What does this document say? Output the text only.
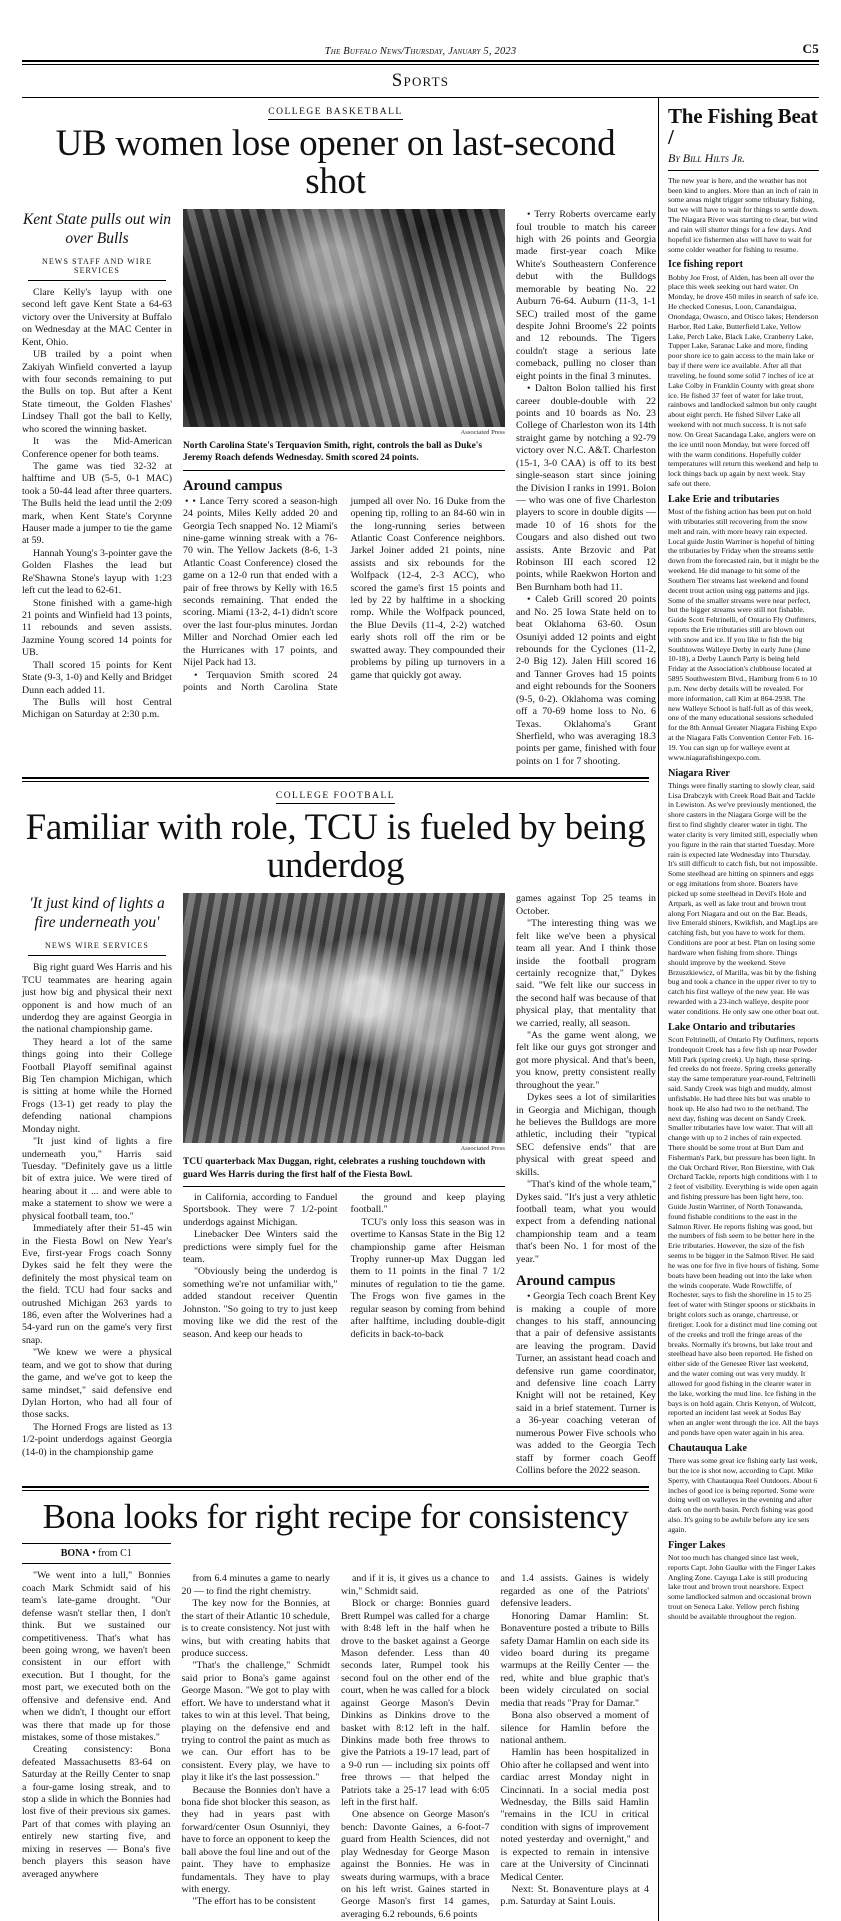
The Buffalo News/Thursday, January 5, 2023	C5
Sports
COLLEGE BASKETBALL
UB women lose opener on last-second shot
Kent State pulls out win over Bulls
NEWS STAFF AND WIRE SERVICES

Clare Kelly's layup with one second left gave Kent State a 64-63 victory over the University at Buffalo on Wednesday at the MAC Center in Kent, Ohio.

UB trailed by a point when Zakiyah Winfield converted a layup with four seconds remaining to put the Bulls on top. But after a Kent State timeout, the Golden Flashes' Lindsey Thall got the ball to Kelly, who scored the winning basket.

It was the Mid-American Conference opener for both teams.

The game was tied 32-32 at halftime and UB (5-5, 0-1 MAC) took a 50-44 lead after three quarters. The Bulls held the lead until the 2:09 mark, when Kent State's Corynne Hauser made a jumper to tie the game at 59.

Hannah Young's 3-pointer gave the Golden Flashes the lead but Re'Shawna Stone's layup with 1:23 left cut the lead to 62-61.

Stone finished with a game-high 21 points and Winfield had 13 points, 11 rebounds and seven assists. Jazmine Young scored 14 points for UB.

Thall scored 15 points for Kent State (9-3, 1-0) and Kelly and Bridget Dunn each added 11.

The Bulls will host Central Michigan on Saturday at 2:30 p.m.

Associated Press
North Carolina State's Terquavion Smith, right, controls the ball as Duke's Jeremy Roach defends Wednesday. Smith scored 24 points.
Around campus

• • Lance Terry scored a season-high 24 points, Miles Kelly added 20 and Georgia Tech snapped No. 12 Miami's nine-game winning streak with a 76-70 win. The Yellow Jackets (8-6, 1-3 Atlantic Coast Conference) closed the game on a 12-0 run that ended with a pair of free throws by Kelly with 16.5 seconds remaining. That ended the scoring. Miami (13-2, 4-1) didn't score over the last four-plus minutes. Jordan Miller and Norchad Omier each led the Hurricanes with 17 points, and Nijel Pack had 13.

• Terquavion Smith scored 24 points and North Carolina State jumped all over No. 16 Duke from the opening tip, rolling to an 84-60 win in the long-running series between Atlantic Coast Conference neighbors. Jarkel Joiner added 21 points, nine assists and six rebounds for the Wolfpack (12-4, 2-3 ACC), who scored the game's first 15 points and led by 22 by halftime in a shocking romp. While the Wolfpack pounced, the Blue Devils (11-4, 2-2) watched early shots roll off the rim or be swatted away. They compounded their problems by piling up turnovers in a game that quickly got away.

• Terry Roberts overcame early foul trouble to match his career high with 26 points and Georgia made first-year coach Mike White's Southeastern Conference debut with the Bulldogs memorable by beating No. 22 Auburn 76-64. Auburn (11-3, 1-1 SEC) trailed most of the game despite Johni Broome's 22 points and 12 rebounds. The Tigers couldn't stage a serious late comeback, pulling no closer than eight points in the final 3 minutes.

• Dalton Bolon tallied his first career double-double with 22 points and 10 boards as No. 23 College of Charleston won its 14th straight game by notching a 92-79 victory over N.C. A&T. Charleston (15-1, 3-0 CAA) is off to its best single-season start since joining the Division I ranks in 1991. Bolon — who was one of five Charleston players to score in double digits — made 10 of 16 shots for the Cougars and also dished out two assists. Ante Brzovic and Pat Robinson III each scored 12 points, while Raekwon Horton and Ben Burnham both had 11.

• Caleb Grill scored 20 points and No. 25 Iowa State held on to beat Oklahoma 63-60. Osun Osuniyi added 12 points and eight rebounds for the Cyclones (11-2, 2-0 Big 12). Jalen Hill scored 16 and Tanner Groves had 15 points and eight rebounds for the Sooners (9-5, 0-2). Oklahoma was coming off a 70-69 home loss to No. 6 Texas. Oklahoma's Grant Sherfield, who was averaging 18.3 points per game, finished with four points on 1 for 7 shooting.

COLLEGE FOOTBALL
Familiar with role, TCU is fueled by being underdog
'It just kind of lights a fire underneath you'
NEWS WIRE SERVICES

Big right guard Wes Harris and his TCU teammates are hearing again just how big and physical their next opponent is and how much of an underdog they are against Georgia in the national championship game.

They heard a lot of the same things going into their College Football Playoff semifinal against Big Ten champion Michigan, which is sitting at home while the Horned Frogs (13-1) get ready to play the defending national champions Monday night.

"It just kind of lights a fire underneath you," Harris said Tuesday. "Definitely gave us a little bit of extra juice. We were tired of hearing about it ... and were able to make a statement to show we were a physical football team, too."

Immediately after their 51-45 win in the Fiesta Bowl on New Year's Eve, first-year Frogs coach Sonny Dykes said he felt they were the definitely the most physical team on the field. TCU had four sacks and outrushed Michigan 263 yards to 186, even after the Wolverines had a 54-yard run on the game's very first snap.

"We knew we were a physical team, and we got to show that during the game, and we've got to keep the same mindset," said defensive end Dylan Horton, who had all four of those sacks.

The Horned Frogs are listed as 13 1/2-point underdogs against Georgia (14-0) in the championship game

Associated Press
TCU quarterback Max Duggan, right, celebrates a rushing touchdown with guard Wes Harris during the first half of the Fiesta Bowl.

in California, according to Fanduel Sportsbook. They were 7 1/2-point underdogs against Michigan.

Linebacker Dee Winters said the predictions were simply fuel for the team.

"Obviously being the underdog is something we're not unfamiliar with," added standout receiver Quentin Johnston. "So going to try to just keep moving like we did the rest of the season. And keep our heads to

the ground and keep playing football."

TCU's only loss this season was in overtime to Kansas State in the Big 12 championship game after Heisman Trophy runner-up Max Duggan led them to 11 points in the final 7 1/2 minutes of regulation to tie the game. The Frogs won five games in the regular season by coming from behind after halftime, including double-digit deficits in back-to-back

games against Top 25 teams in October.

"The interesting thing was we felt like we've been a physical team all year. And I think those inside the football program certainly recognize that," Dykes said. "We felt like our success in the second half was because of that physical play, that mentality that we carried, really, all season.

"As the game went along, we felt like our guys got stronger and got more physical. And that's been, you know, pretty consistent really throughout the year."

Dykes sees a lot of similarities in Georgia and Michigan, though he believes the Bulldogs are more athletic, including their "typical SEC defensive ends" that are physical with great speed and skills.

"That's kind of the whole team," Dykes said. "It's just a very athletic football team, what you would expect from a defending national championship team and a team that's been No. 1 for most of the year."

Around campus

• Georgia Tech coach Brent Key is making a couple of more changes to his staff, announcing that a pair of defensive assistants are leaving the program. David Turner, an assistant head coach and defensive run game coordinator, and defensive line coach Larry Knight will not be retained, Key said in a brief statement. Turner is a 36-year coaching veteran of numerous Power Five schools who was added to the Georgia Tech staff by former coach Geoff Collins before the 2022 season.

Bona looks for right recipe for consistency
BONA • from C1

"We went into a lull," Bonnies coach Mark Schmidt said of his team's late-game drought. "Our defense wasn't stellar then, I don't think. But we sustained our competitiveness. That's what has been going wrong, we haven't been consistent in our effort with execution. But I thought, for the most part, we executed both on the offensive and defensive end. And when we didn't, I thought our effort was there that made up for those mistakes, some of those mistakes."

Creating consistency: Bona defeated Massachusetts 83-64 on Saturday at the Reilly Center to snap a four-game losing streak, and to stop a slide in which the Bonnies had lost five of their previous six games. Part of that comes with playing an entirely new starting five, and mixing in reserves — Bona's five bench players this season have averaged anywhere

from 6.4 minutes a game to nearly 20 — to find the right chemistry.

The key now for the Bonnies, at the start of their Atlantic 10 schedule, is to create consistency. Not just with wins, but with creating habits that produce success.

"That's the challenge," Schmidt said prior to Bona's game against George Mason. "We got to play with effort. We have to understand what it takes to win at this level. That being, playing on the defensive end and trying to control the paint as much as we can. Our effort has to be consistent. Every play, we have to play it like it's the last possession."

Because the Bonnies don't have a bona fide shot blocker this season, as they had in years past with forward/center Osun Osunniyi, they have to force an opponent to keep the ball above the foul line and out of the paint. They have to emphasize fundamentals. They have to play with energy.

"The effort has to be consistent

and if it is, it gives us a chance to win," Schmidt said.

Block or charge: Bonnies guard Brett Rumpel was called for a charge with 8:48 left in the half when he drove to the basket against a George Mason defender. Less than 40 seconds later, Rumpel took his second foul on the other end of the court, when he was called for a block against George Mason's Devin Dinkins as Dinkins drove to the basket with 8:12 left in the half. Dinkins made both free throws to give the Patriots a 19-17 lead, part of a 9-0 run — including six points off free throws — that helped the Patriots take a 25-17 lead with 6:05 left in the first half.

One absence on George Mason's bench: Davonte Gaines, a 6-foot-7 guard from Health Sciences, did not play Wednesday for George Mason against the Bonnies. He was in sweats during warmups, with a brace on his left wrist. Gaines started in George Mason's first 14 games, averaging 6.2 rebounds, 6.6 points

and 1.4 assists. Gaines is widely regarded as one of the Patriots' defensive leaders.

Honoring Damar Hamlin: St. Bonaventure posted a tribute to Bills safety Damar Hamlin on each side its video board during its pregame warmups at the Reilly Center — the red, white and blue graphic that's been widely circulated on social media that reads "Pray for Damar."

Bona also observed a moment of silence for Hamlin before the national anthem.

Hamlin has been hospitalized in Ohio after he collapsed and went into cardiac arrest Monday night in Cincinnati. In a social media post Wednesday, the Bills said Hamlin "remains in the ICU in critical condition with signs of improvement noted yesterday and overnight," and is expected to remain in intensive care at the University of Cincinnati Medical Center.

Next: St. Bonaventure plays at 4 p.m. Saturday at Saint Louis.

The Fishing Beat /
By Bill Hilts Jr.

The new year is here, and the weather has not been kind to anglers. More than an inch of rain in some areas might trigger some tributary fishing, but we will have to wait for things to settle down. The Niagara River was starting to clear, but wind and rain will shutter things for a few days. And hopeful ice fishermen also will have to wait for some colder weather for fishing to resume.

Ice fishing report

Bobby Joe Frost, of Alden, has been all over the place this week seeking out hard water. On Monday, he drove 450 miles in search of safe ice. He checked Conesus, Loon, Canandaigua, Onondaga, Owasco, and Otisco lakes; Henderson Harbor, Red Lake, Butterfield Lake, Yellow Lake, Perch Lake, Black Lake, Cranberry Lake, Tupper Lake, Saranac Lake and more, finding poor shore ice to gain access to the main lake or bay if there were ice available. After all that traveling, he found some solid 7 inches of ice at Lake Colby in Franklin County with great shore ice. He fished 37 feet of water for lake trout, rainbows and landlocked salmon but only caught about eight perch. He fished Silver Lake all weekend with not much success. It is not safe now. On Great Sacandaga Lake, anglers were on the ice until noon Monday, but were forced off with the warm conditions. Hopefully colder temperatures will return this weekend and help to lock things back up again by next week. Stay safe out there.

Lake Erie and tributaries

Most of the fishing action has been put on hold with tributaries still recovering from the snow melt and rain, with more heavy rain expected. Local guide Justin Warriner is hopeful of hitting the tributaries by Friday when the streams settle down from the forecasted rain, but it might be the weekend. He did manage to hit some of the Southern Tier streams last weekend and found decent trout action using egg patterns and jigs. Some of the smaller streams were near perfect, but the bigger streams were still not fishable. Guide Scott Feltrinelli, of Ontario Fly Outfitters, reports the Erie tributaries still are blown out with snow and ice. If you like to fish the big Southtowns Walleye Derby in early June (June 10-18), a Derby Launch Party is being held Friday at the Association's clubhouse located at 5895 Southwestern Blvd., Hamburg from 6 to 10 p.m. New derby details will be revealed. For more information, call Kim at 864-2938. The new Walleye School is half-full as of this week, one of the many educational sessions scheduled for the 8th Annual Greater Niagara Fishing Expo at the Niagara Falls Convention Center Feb. 16-19. You can sign up for walleye event at www.niagarafishingexpo.com.

Niagara River

Things were finally starting to slowly clear, said Lisa Drabczyk with Creek Road Bait and Tackle in Lewiston. As we've previously mentioned, the shore casters in the Niagara Gorge will be the first to find slightly clearer water in tight. The water clarity is very limited still, especially when you figure in the rain that started Tuesday. More rain is expected late Wednesday into Thursday. It's still difficult to catch fish, but not impossible. Some steelhead are hitting on spinners and eggs or egg imitations from shore. Boaters have picked up some steelhead in Devil's Hole and Artpark, as well as lake trout and brown trout along Fort Niagara and out on the Bar. Beads, live Emerald shiners, Kwikfish, and MagLips are catching fish, but you have to work for them. Conditions are poor at best. Plan on losing some hardware when fishing from shore. Things should improve by the weekend. Steve Brzuszkiewicz, of Marilla, was bit by the fishing bug and took a chance in the upper river to try to catch his first walleye of the new year. He was rewarded with a 23-inch walleye, despite poor water conditions. He only saw one other boat out.

Lake Ontario and tributaries

Scott Feltrinelli, of Ontario Fly Outfitters, reports Irondequoit Creek has a few fish up near Powder Mill Park (spring creek). Up high, these spring-fed creeks do not freeze. Spring creeks generally stay the same temperature year-round, Feltrinelli said. Sandy Creek was high and muddy, almost unfishable. He had three hits but was unable to hook up. He also had two to the net/hand. The next day, fishing was decent on Sandy Creek. Smaller tributaries have low water. That will all change with up to 2 inches of rain expected. There should be some trout at Burt Dam and Fisherman's Park, but pressure has been light. In the Oak Orchard River, Ron Bierstine, with Oak Orchard Tackle, reports high conditions with 1 to 2 feet of visibility. Everything is wide open again and fishing pressure has been light here, too. Guide Justin Warriner, of North Tonawanda, found fishable conditions to the east in the Salmon River. He reports fishing was good, but the numbers of fish seem to be better here in the Erie tributaries. However, the size of the fish seems to be bigger in the Salmon River. He said he was one for five in five hours of fishing. Some boats have been heading out into the lake when the winds cooperate. Wade Rowcliffe, of Rochester, says to fish the shoreline in 15 to 25 feet of water with Stinger spoons or stickbaits in bright colors such as orange, chartreuse, or firetiger. Look for a distinct mud line coming out of the creeks and troll the fringe areas of the breaks. Normally it's browns, but lake trout and steelhead have also been reported. He fished on either side of the Genesee River last weekend, and the water coming out was very muddy. It allowed for good fishing in the clearer water in the lake, working the mud line. Ice fishing in the bays is on hold again. Chris Kenyon, of Wolcott, reported an incident last week at Sodus Bay when an angler went through the ice. All the bays and ponds have open water again in his area.

Chautauqua Lake

There was some great ice fishing early last week, but the ice is shot now, according to Capt. Mike Sperry, with Chautauqua Reel Outdoors. About 6 inches of good ice is being reported. Some were doing well on walleyes in the evening and after dark on the north basin. Perch fishing was good also. It's going to be awhile before any ice sets again.

Finger Lakes

Not too much has changed since last week, reports Capt. John Gaulke with the Finger Lakes Angling Zone. Cayuga Lake is still producing lake trout and brown trout nearshore. Expect some landlocked salmon and occasional brown trout on Seneca Lake. Yellow perch fishing should be available throughout the region.
